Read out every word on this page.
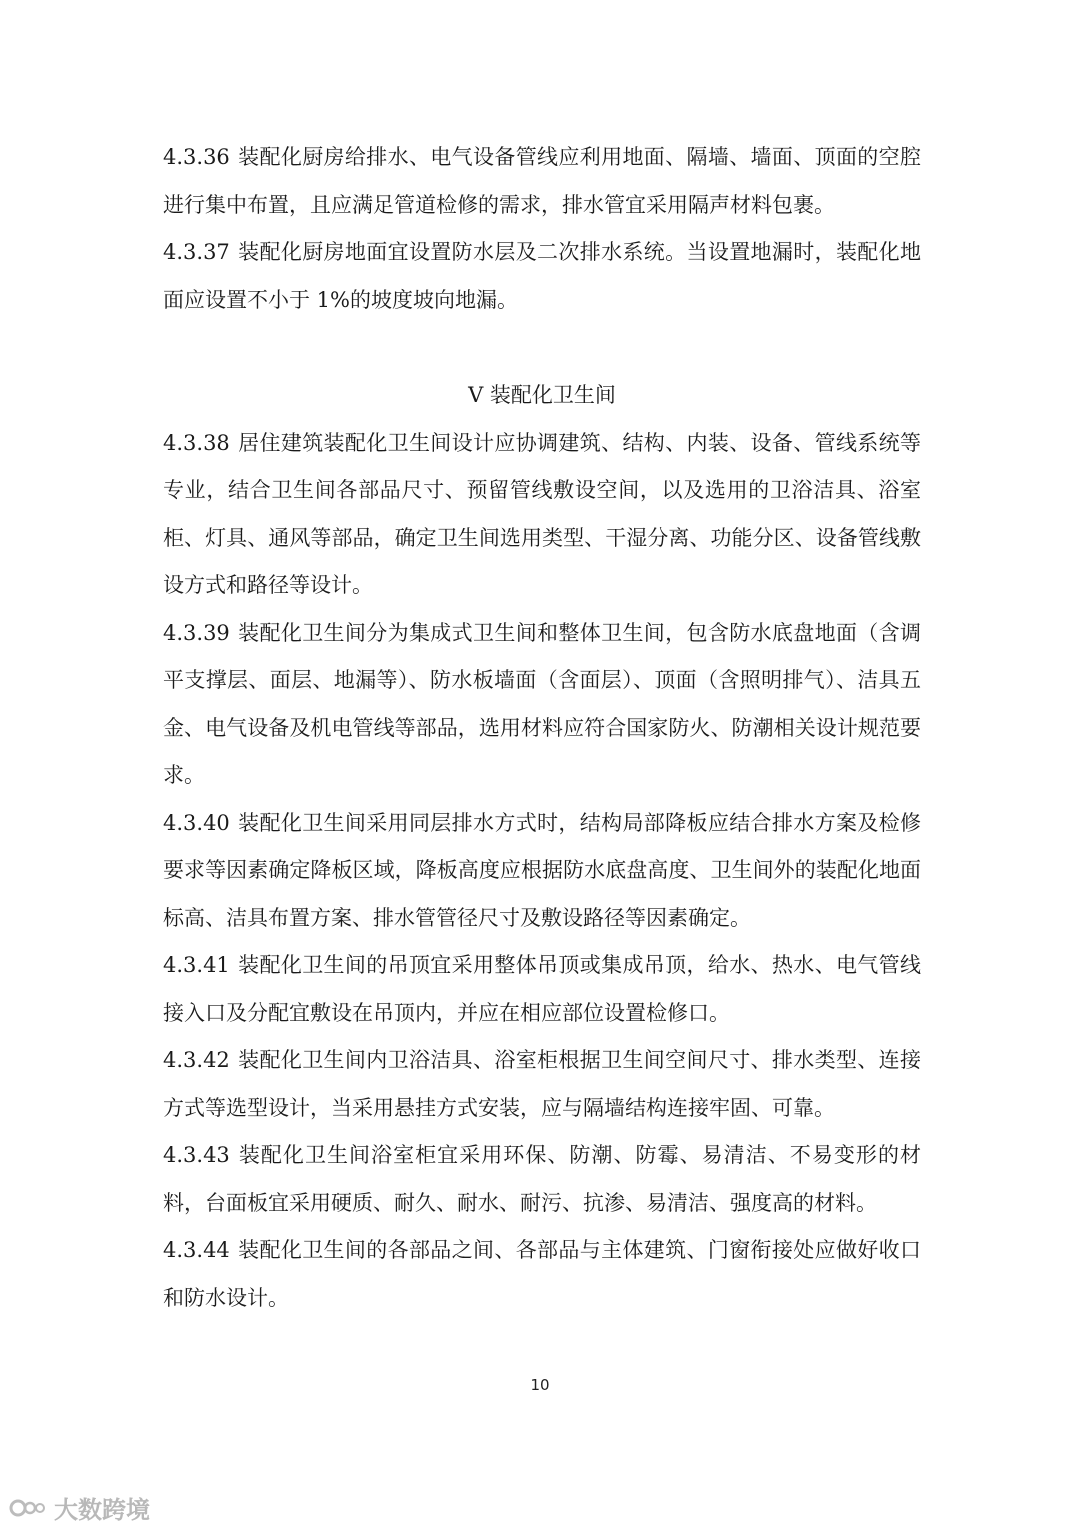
4.3.36 装配化厨房给排水、电气设备管线应利用地面、隔墙、墙面、顶面的空腔进行集中布置，且应满足管道检修的需求，排水管宜采用隔声材料包裹。

4.3.37 装配化厨房地面宜设置防水层及二次排水系统。当设置地漏时，装配化地面应设置不小于 1%的坡度坡向地漏。

V 装配化卫生间

4.3.38 居住建筑装配化卫生间设计应协调建筑、结构、内装、设备、管线系统等专业，结合卫生间各部品尺寸、预留管线敷设空间，以及选用的卫浴洁具、浴室柜、灯具、通风等部品，确定卫生间选用类型、干湿分离、功能分区、设备管线敷设方式和路径等设计。

4.3.39 装配化卫生间分为集成式卫生间和整体卫生间，包含防水底盘地面（含调平支撑层、面层、地漏等）、防水板墙面（含面层）、顶面（含照明排气）、洁具五金、电气设备及机电管线等部品，选用材料应符合国家防火、防潮相关设计规范要求。

4.3.40 装配化卫生间采用同层排水方式时，结构局部降板应结合排水方案及检修要求等因素确定降板区域，降板高度应根据防水底盘高度、卫生间外的装配化地面标高、洁具布置方案、排水管管径尺寸及敷设路径等因素确定。

4.3.41 装配化卫生间的吊顶宜采用整体吊顶或集成吊顶，给水、热水、电气管线接入口及分配宜敷设在吊顶内，并应在相应部位设置检修口。

4.3.42 装配化卫生间内卫浴洁具、浴室柜根据卫生间空间尺寸、排水类型、连接方式等选型设计，当采用悬挂方式安装，应与隔墙结构连接牢固、可靠。

4.3.43 装配化卫生间浴室柜宜采用环保、防潮、防霉、易清洁、不易变形的材料，台面板宜采用硬质、耐久、耐水、耐污、抗渗、易清洁、强度高的材料。

4.3.44 装配化卫生间的各部品之间、各部品与主体建筑、门窗衔接处应做好收口和防水设计。

10
大数跨境
